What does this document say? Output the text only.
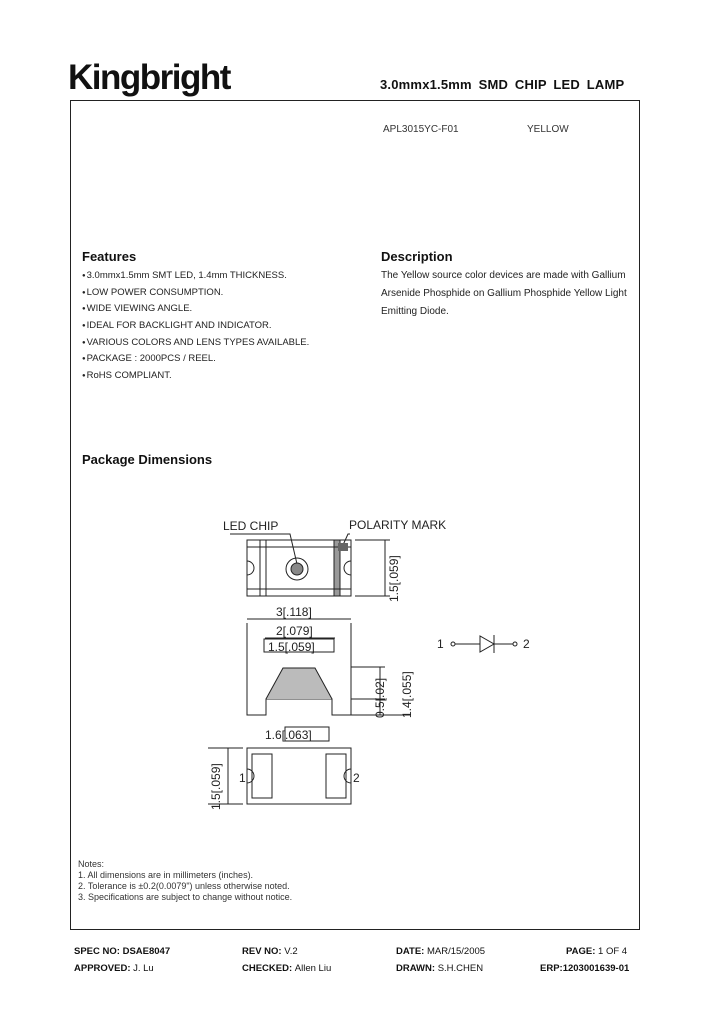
Kingbright	3.0mmx1.5mm SMD CHIP LED LAMP
APL3015YC-F01	YELLOW
Features
● 3.0mmx1.5mm SMT LED, 1.4mm THICKNESS.
● LOW POWER CONSUMPTION.
● WIDE VIEWING ANGLE.
● IDEAL FOR BACKLIGHT AND INDICATOR.
● VARIOUS COLORS AND LENS TYPES AVAILABLE.
● PACKAGE : 2000PCS / REEL.
● RoHS COMPLIANT.
Description
The Yellow source color devices are made with Gallium Arsenide Phosphide on Gallium Phosphide Yellow Light Emitting Diode.
Package Dimensions
LED CHIP	POLARITY MARK
1.5[.059]
3[.118]
2[.079]
1.5[.059]
0.5[.02] 1.4[.055]
1.6[.063]
1	2
1.5[.059]
1	2
Notes:
1. All dimensions are in millimeters (inches).
2. Tolerance is ±0.2(0.0079") unless otherwise noted.
3. Specifications are subject to change without notice.
SPEC NO: DSAE8047	REV NO: V.2	DATE: MAR/15/2005	PAGE: 1 OF 4
APPROVED: J. Lu	CHECKED: Allen Liu	DRAWN: S.H.CHEN	ERP:1203001639-01
